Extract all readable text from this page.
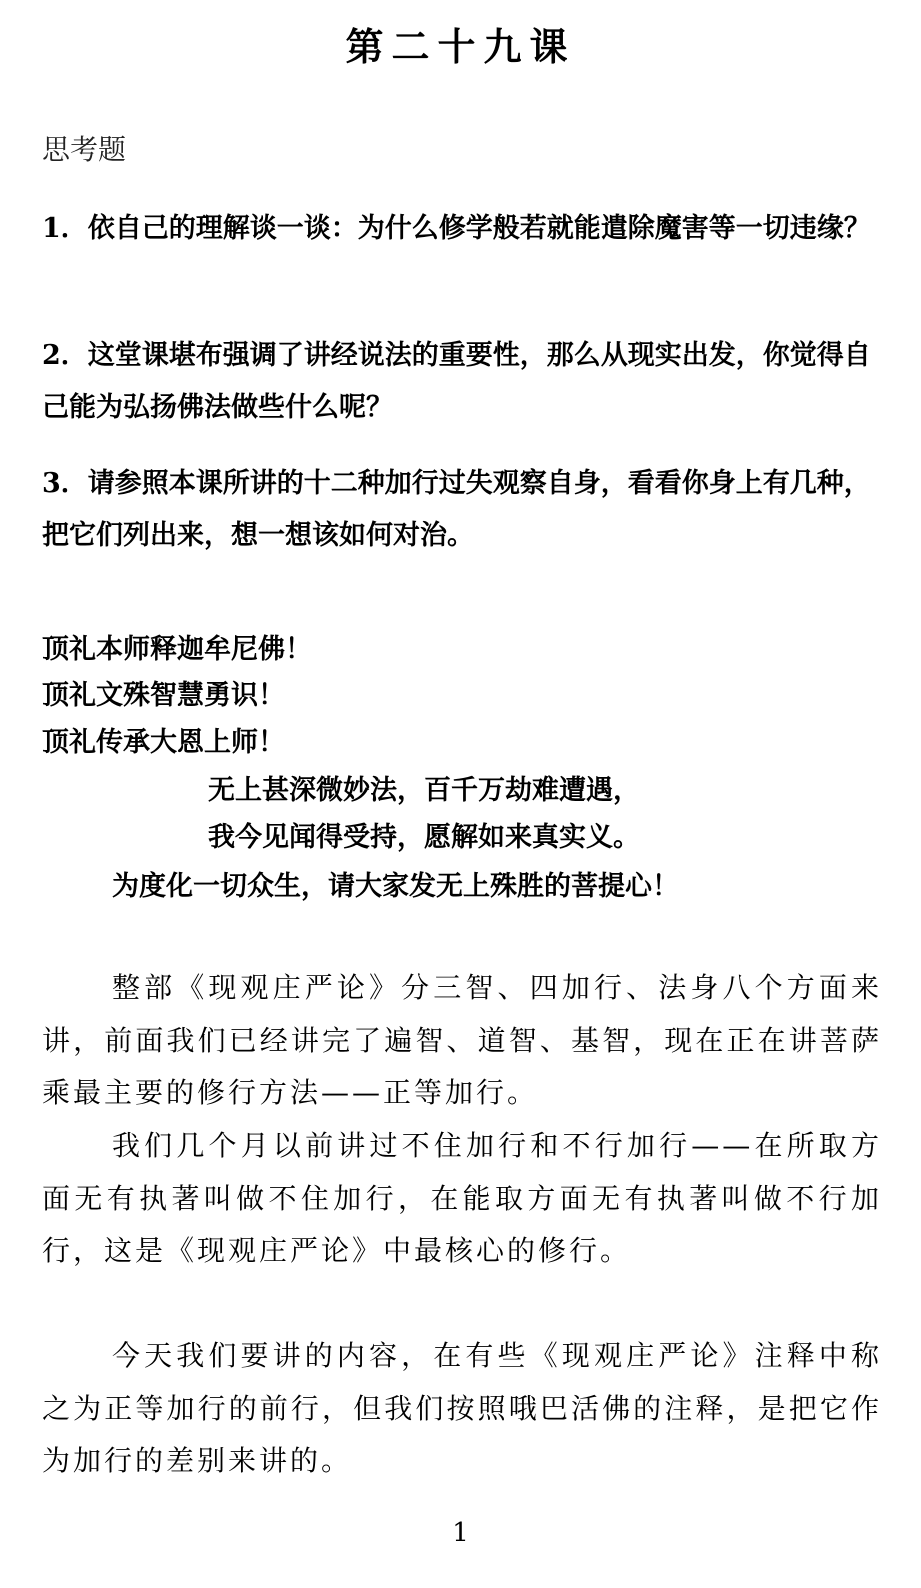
第二十九课
思考题

1．依自己的理解谈一谈：为什么修学般若就能遣除魔害等一切违缘？

2．这堂课堪布强调了讲经说法的重要性，那么从现实出发，你觉得自己能为弘扬佛法做些什么呢？

3．请参照本课所讲的十二种加行过失观察自身，看看你身上有几种，把它们列出来，想一想该如何对治。

顶礼本师释迦牟尼佛！

顶礼文殊智慧勇识！

顶礼传承大恩上师！

无上甚深微妙法，百千万劫难遭遇，

我今见闻得受持，愿解如来真实义。

为度化一切众生，请大家发无上殊胜的菩提心！

整部《现观庄严论》分三智、四加行、法身八个方面来讲，前面我们已经讲完了遍智、道智、基智，现在正在讲菩萨乘最主要的修行方法——正等加行。

我们几个月以前讲过不住加行和不行加行——在所取方面无有执著叫做不住加行，在能取方面无有执著叫做不行加行，这是《现观庄严论》中最核心的修行。

今天我们要讲的内容，在有些《现观庄严论》注释中称之为正等加行的前行，但我们按照哦巴活佛的注释，是把它作为加行的差别来讲的。

1
